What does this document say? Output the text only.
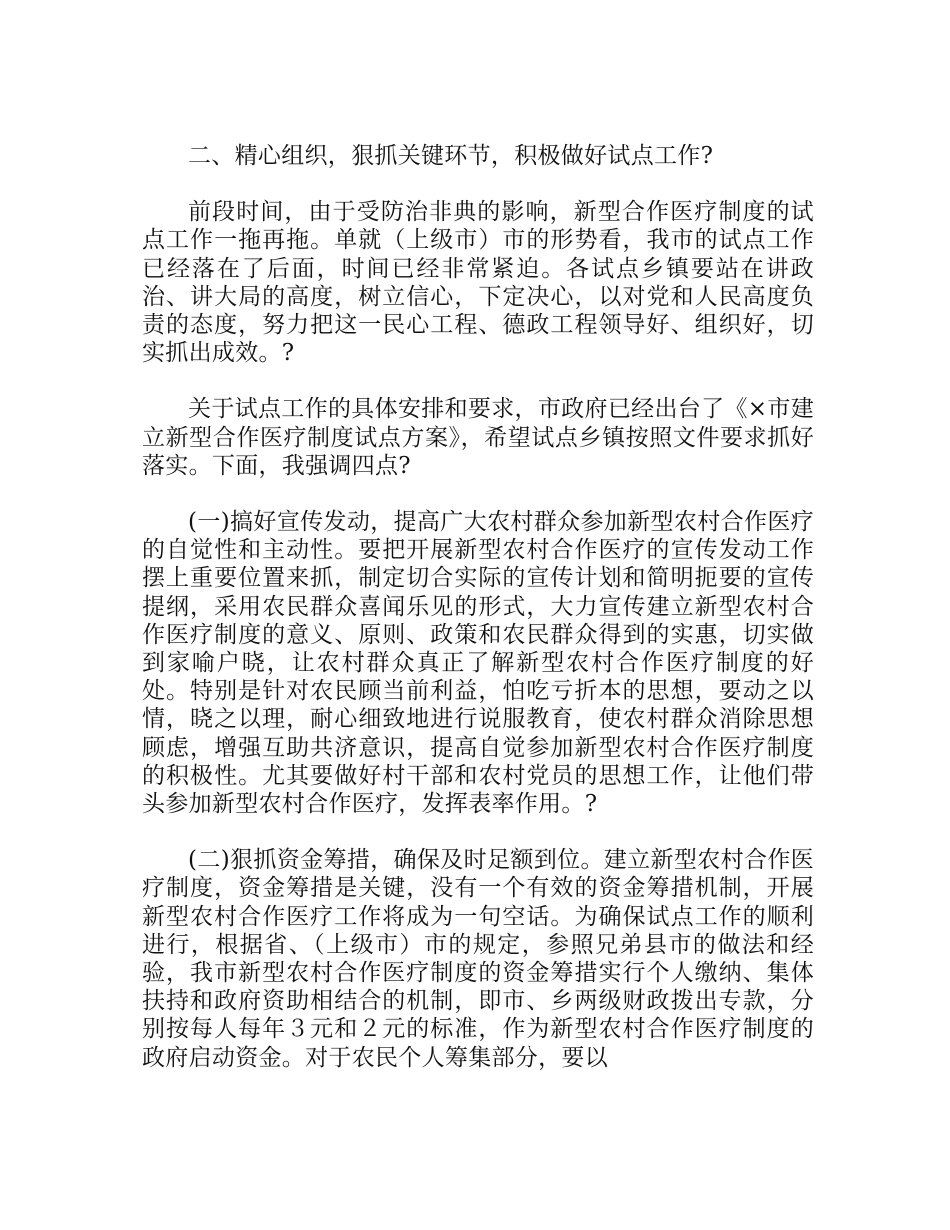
二、精心组织，狠抓关键环节，积极做好试点工作?

前段时间，由于受防治非典的影响，新型合作医疗制度的试点工作一拖再拖。单就（上级市）市的形势看，我市的试点工作已经落在了后面，时间已经非常紧迫。各试点乡镇要站在讲政治、讲大局的高度，树立信心，下定决心，以对党和人民高度负责的态度，努力把这一民心工程、德政工程领导好、组织好，切实抓出成效。?

关于试点工作的具体安排和要求，市政府已经出台了《×市建立新型合作医疗制度试点方案》，希望试点乡镇按照文件要求抓好落实。下面，我强调四点?

(一)搞好宣传发动，提高广大农村群众参加新型农村合作医疗的自觉性和主动性。要把开展新型农村合作医疗的宣传发动工作摆上重要位置来抓，制定切合实际的宣传计划和简明扼要的宣传提纲，采用农民群众喜闻乐见的形式，大力宣传建立新型农村合作医疗制度的意义、原则、政策和农民群众得到的实惠，切实做到家喻户晓，让农村群众真正了解新型农村合作医疗制度的好处。特别是针对农民顾当前利益，怕吃亏折本的思想，要动之以情，晓之以理，耐心细致地进行说服教育，使农村群众消除思想顾虑，增强互助共济意识，提高自觉参加新型农村合作医疗制度的积极性。尤其要做好村干部和农村党员的思想工作，让他们带头参加新型农村合作医疗，发挥表率作用。?

(二)狠抓资金筹措，确保及时足额到位。建立新型农村合作医疗制度，资金筹措是关键，没有一个有效的资金筹措机制，开展新型农村合作医疗工作将成为一句空话。为确保试点工作的顺利进行，根据省、（上级市）市的规定，参照兄弟县市的做法和经验，我市新型农村合作医疗制度的资金筹措实行个人缴纳、集体扶持和政府资助相结合的机制，即市、乡两级财政拨出专款，分别按每人每年３元和２元的标准，作为新型农村合作医疗制度的政府启动资金。对于农民个人筹集部分，要以
